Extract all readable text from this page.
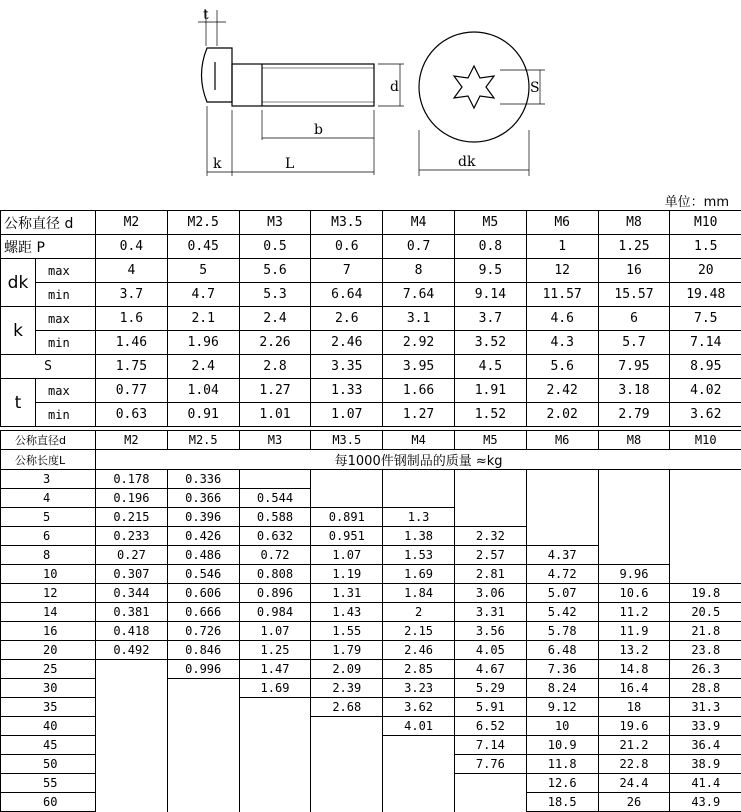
t
d
b
k	L	dk
S
单位：mm
公称直径 d		M2	M2.5	M3	M3.5	M4	M5	M6	M8	M10
螺距 P		0.4	0.45	0.5	0.6	0.7	0.8	1	1.25	1.5
dk	max	4	5	5.6	7	8	9.5	12	16	20
	min	3.7	4.7	5.3	6.64	7.64	9.14	11.57	15.57	19.48
k	max	1.6	2.1	2.4	2.6	3.1	3.7	4.6	6	7.5
	min	1.46	1.96	2.26	2.46	2.92	3.52	4.3	5.7	7.14
S		1.75	2.4	2.8	3.35	3.95	4.5	5.6	7.95	8.95
t	max	0.77	1.04	1.27	1.33	1.66	1.91	2.42	3.18	4.02
	min	0.63	0.91	1.01	1.07	1.27	1.52	2.02	2.79	3.62
公称直径d	M2	M2.5	M3	M3.5	M4	M5	M6	M8	M10
公称长度L	每1000件钢制品的质量 ≈kg								
3	0.178	0.336							
4	0.196	0.366	0.544						
5	0.215	0.396	0.588	0.891	1.3				
6	0.233	0.426	0.632	0.951	1.38	2.32			
8	0.27	0.486	0.72	1.07	1.53	2.57	4.37		
10	0.307	0.546	0.808	1.19	1.69	2.81	4.72	9.96	
12	0.344	0.606	0.896	1.31	1.84	3.06	5.07	10.6	19.8
14	0.381	0.666	0.984	1.43	2	3.31	5.42	11.2	20.5
16	0.418	0.726	1.07	1.55	2.15	3.56	5.78	11.9	21.8
20	0.492	0.846	1.25	1.79	2.46	4.05	6.48	13.2	23.8
25		0.996	1.47	2.09	2.85	4.67	7.36	14.8	26.3
30			1.69	2.39	3.23	5.29	8.24	16.4	28.8
35				2.68	3.62	5.91	9.12	18	31.3
40					4.01	6.52	10	19.6	33.9
45						7.14	10.9	21.2	36.4
50						7.76	11.8	22.8	38.9
55							12.6	24.4	41.4
60							18.5	26	43.9
